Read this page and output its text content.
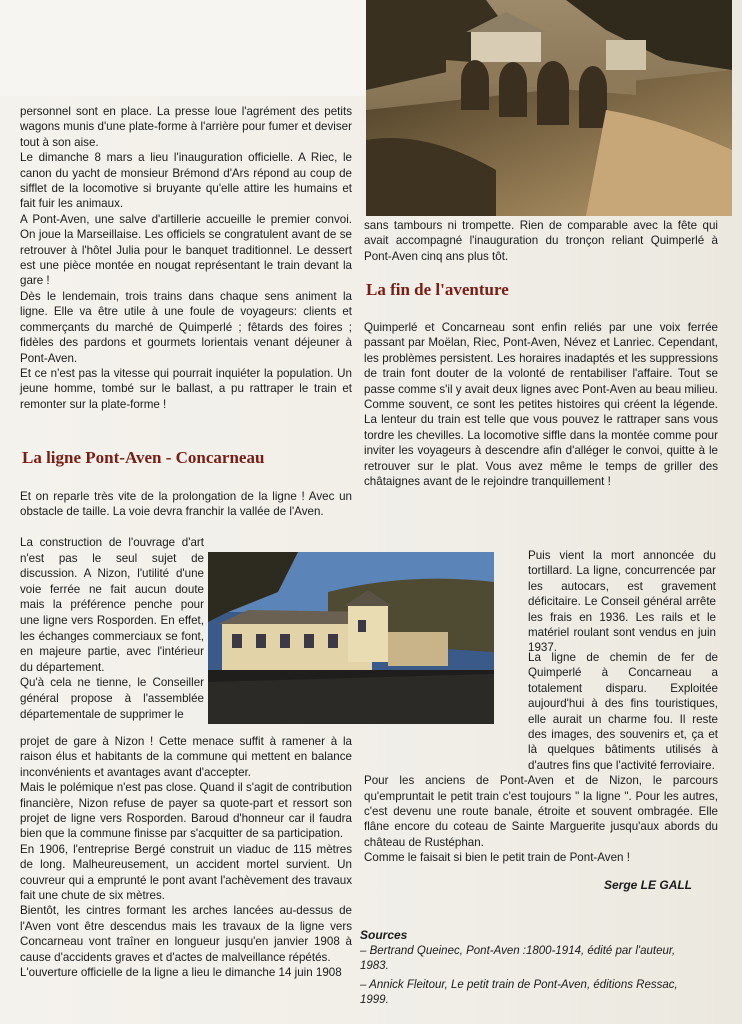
personnel sont en place. La presse loue l'agrément des petits wagons munis d'une plate-forme à l'arrière pour fumer et deviser tout à son aise.

Le dimanche 8 mars a lieu l'inauguration officielle. A Riec, le canon du yacht de monsieur Brémond d'Ars répond au coup de sifflet de la locomotive si bruyante qu'elle attire les humains et fait fuir les animaux.

A Pont-Aven, une salve d'artillerie accueille le premier convoi. On joue la Marseillaise. Les officiels se congratulent avant de se retrouver à l'hôtel Julia pour le banquet traditionnel. Le dessert est une pièce montée en nougat représentant le train devant la gare !

Dès le lendemain, trois trains dans chaque sens animent la ligne. Elle va être utile à une foule de voyageurs: clients et commerçants du marché de Quimperlé ; fêtards des foires ; fidèles des pardons et gourmets lorientais venant déjeuner à Pont-Aven.

Et ce n'est pas la vitesse qui pourrait inquiéter la population. Un jeune homme, tombé sur le ballast, a pu rattraper le train et remonter sur la plate-forme !

La ligne Pont-Aven - Concarneau

Et on reparle très vite de la prolongation de la ligne ! Avec un obstacle de taille. La voie devra franchir la vallée de l'Aven.

La construction de l'ouvrage d'art n'est pas le seul sujet de discussion. A Nizon, l'utilité d'une voie ferrée ne fait aucun doute mais la préférence penche pour une ligne vers Rosporden. En effet, les échanges commerciaux se font, en majeure partie, avec l'intérieur du département.

Qu'à cela ne tienne, le Conseiller général propose à l'assemblée départementale de supprimer le

projet de gare à Nizon ! Cette menace suffit à ramener à la raison élus et habitants de la commune qui mettent en balance inconvénients et avantages avant d'accepter.

Mais le polémique n'est pas close. Quand il s'agit de contribution financière, Nizon refuse de payer sa quote-part et ressort son projet de ligne vers Rosporden. Baroud d'honneur car il faudra bien que la commune finisse par s'acquitter de sa participation.

En 1906, l'entreprise Bergé construit un viaduc de 115 mètres de long. Malheureusement, un accident mortel survient. Un couvreur qui a emprunté le pont avant l'achèvement des travaux fait une chute de six mètres.

Bientôt, les cintres formant les arches lancées au-dessus de l'Aven vont être descendus mais les travaux de la ligne vers Concarneau vont traîner en longueur jusqu'en janvier 1908 à cause d'accidents graves et d'actes de malveillance répétés.

L'ouverture officielle de la ligne a lieu le dimanche 14 juin 1908

sans tambours ni trompette. Rien de comparable avec la fête qui avait accompagné l'inauguration du tronçon reliant Quimperlé à Pont-Aven cinq ans plus tôt.

La fin de l'aventure

Quimperlé et Concarneau sont enfin reliés par une voix ferrée passant par Moëlan, Riec, Pont-Aven, Névez et Lanriec. Cependant, les problèmes persistent. Les horaires inadaptés et les suppressions de train font douter de la volonté de rentabiliser l'affaire. Tout se passe comme s'il y avait deux lignes avec Pont-Aven au beau milieu.

Comme souvent, ce sont les petites histoires qui créent la légende. La lenteur du train est telle que vous pouvez le rattraper sans vous tordre les chevilles. La locomotive siffle dans la montée comme pour inviter les voyageurs à descendre afin d'alléger le convoi, quitte à le retrouver sur le plat. Vous avez même le temps de griller des châtaignes avant de le rejoindre tranquillement !

Puis vient la mort annoncée du tortillard. La ligne, concurrencée par les autocars, est gravement déficitaire. Le Conseil général arrête les frais en 1936. Les rails et le matériel roulant sont vendus en juin 1937.

La ligne de chemin de fer de Quimperlé à Concarneau a totalement disparu. Exploitée aujourd'hui à des fins touristiques, elle aurait un charme fou. Il reste des images, des souvenirs et, ça et là quelques bâtiments utilisés à d'autres fins que l'activité ferroviaire.

Pour les anciens de Pont-Aven et de Nizon, le parcours qu'empruntait le petit train c'est toujours " la ligne ". Pour les autres, c'est devenu une route banale, étroite et souvent ombragée. Elle flâne encore du coteau de Sainte Marguerite jusqu'aux abords du château de Rustéphan.

Comme le faisait si bien le petit train de Pont-Aven !

Serge LE GALL
Sources
– Bertrand Queinec, Pont-Aven :1800-1914, édité par l'auteur, 1983.
– Annick Fleitour, Le petit train de Pont-Aven, éditions Ressac, 1999.
